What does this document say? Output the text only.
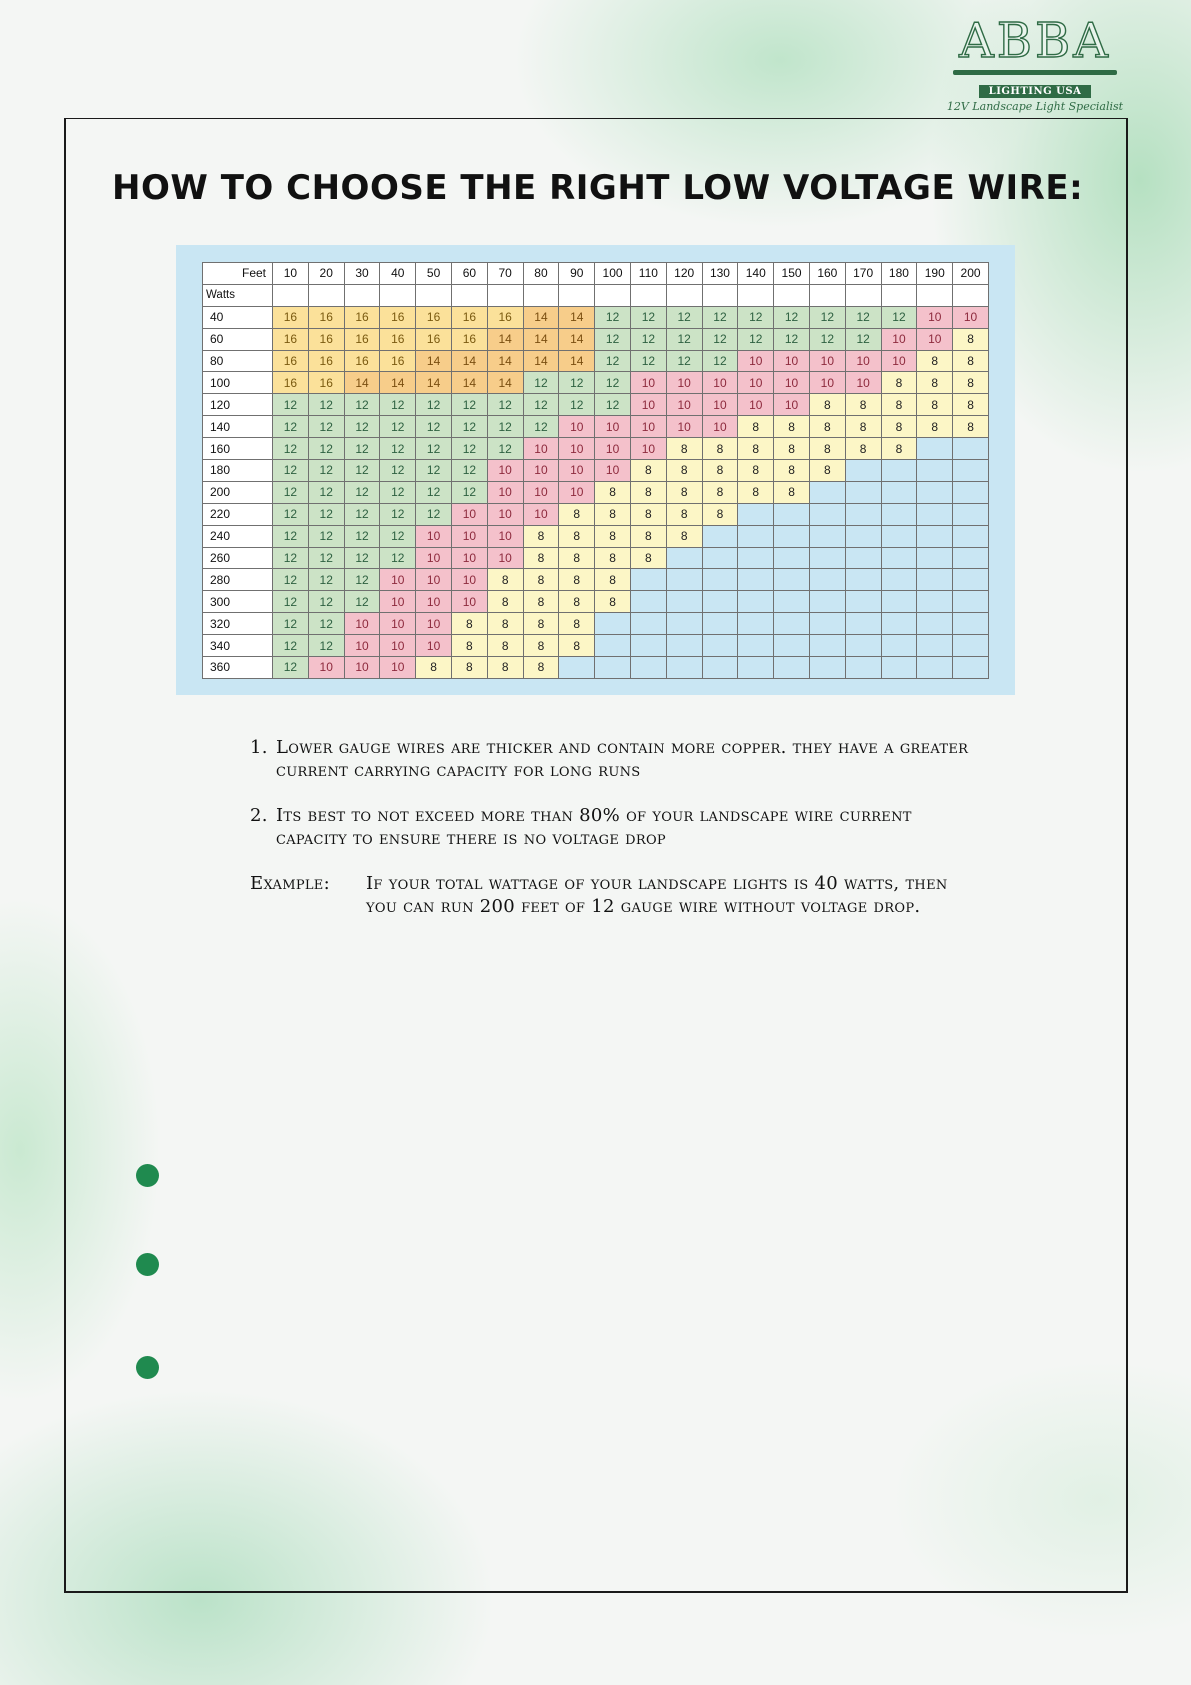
ABBA
LIGHTING USA
12V Landscape Light Specialist
HOW TO CHOOSE THE RIGHT LOW VOLTAGE WIRE:
Feet	10	20	30	40	50	60	70	80	90	100	110	120	130	140	150	160	170	180	190	200
Watts																				
40	16	16	16	16	16	16	16	14	14	12	12	12	12	12	12	12	12	12	10	10
60	16	16	16	16	16	16	14	14	14	12	12	12	12	12	12	12	12	10	10	8
80	16	16	16	16	14	14	14	14	14	12	12	12	12	10	10	10	10	10	8	8
100	16	16	14	14	14	14	14	12	12	12	10	10	10	10	10	10	10	8	8	8
120	12	12	12	12	12	12	12	12	12	12	10	10	10	10	10	8	8	8	8	8
140	12	12	12	12	12	12	12	12	10	10	10	10	10	8	8	8	8	8	8	8
160	12	12	12	12	12	12	12	10	10	10	10	8	8	8	8	8	8	8		
180	12	12	12	12	12	12	10	10	10	10	8	8	8	8	8	8				
200	12	12	12	12	12	12	10	10	10	8	8	8	8	8	8					
220	12	12	12	12	12	10	10	10	8	8	8	8	8							
240	12	12	12	12	10	10	10	8	8	8	8	8								
260	12	12	12	12	10	10	10	8	8	8	8									
280	12	12	12	10	10	10	8	8	8	8										
300	12	12	12	10	10	10	8	8	8	8										
320	12	12	10	10	10	8	8	8	8											
340	12	12	10	10	10	8	8	8	8											
360	12	10	10	10	8	8	8	8												
1. Lower gauge wires are thicker and contain more copper. they have a greater current carrying capacity for long runs
2. Its best to not exceed more than 80% of your landscape wire current capacity to ensure there is no voltage drop
Example: If your total wattage of your landscape lights is 40 watts, then you can run 200 feet of 12 gauge wire without voltage drop.
